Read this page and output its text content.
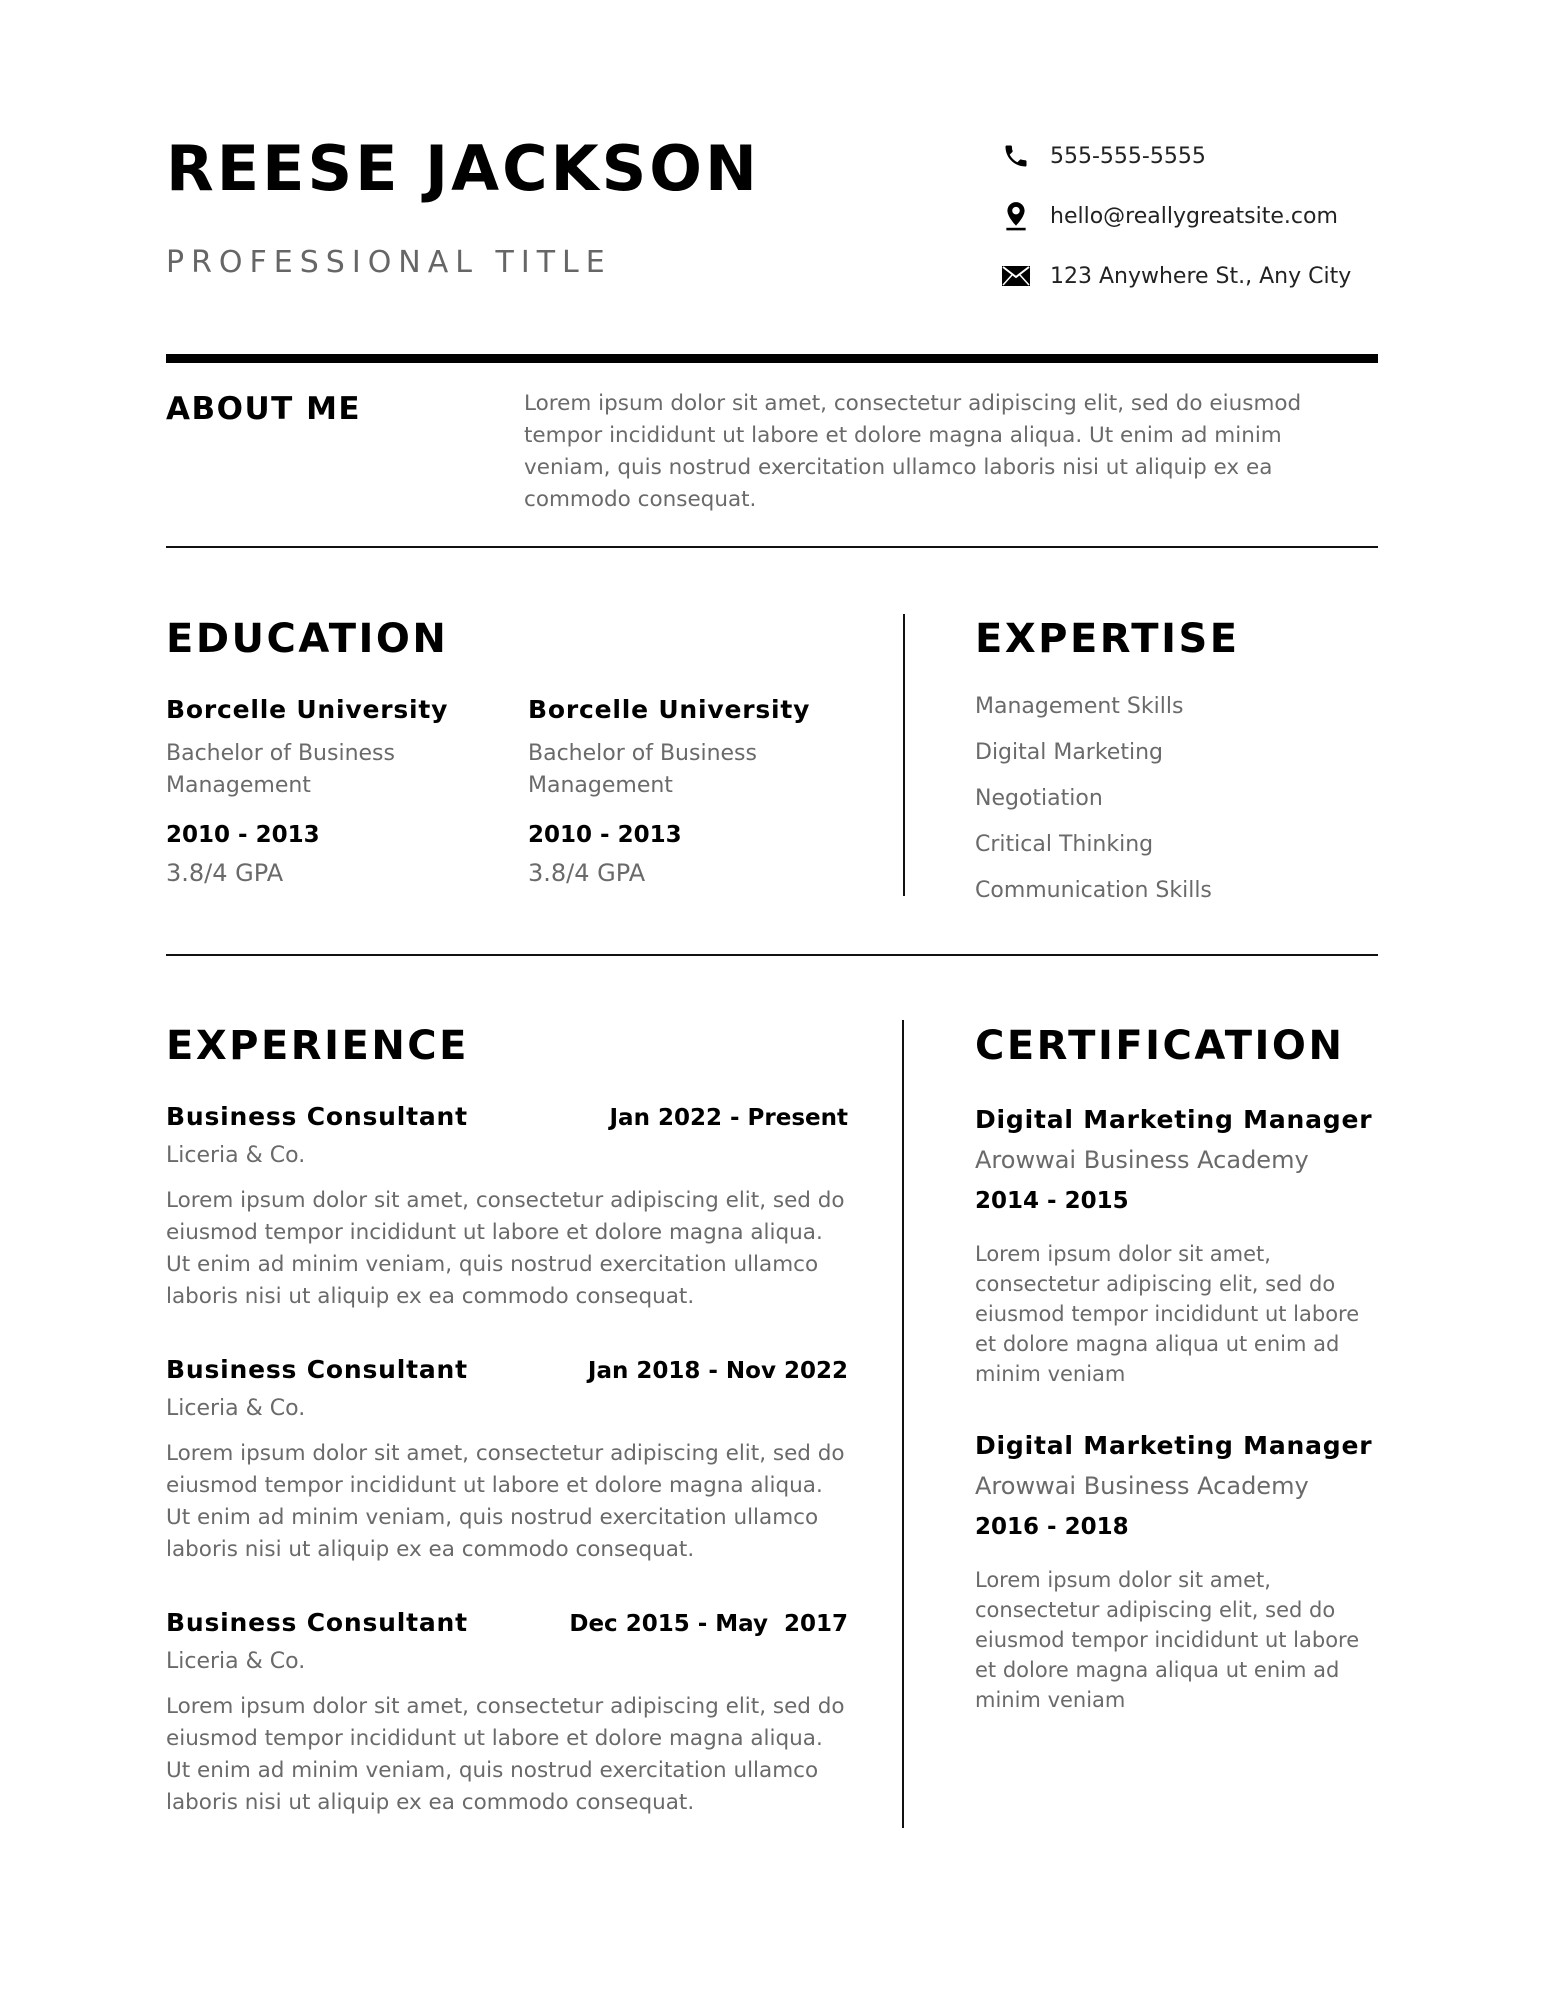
REESE JACKSON
PROFESSIONAL TITLE
555-555-5555
hello@reallygreatsite.com
123 Anywhere St., Any City
ABOUT ME	Lorem ipsum dolor sit amet, consectetur adipiscing elit, sed do eiusmod tempor incididunt ut labore et dolore magna aliqua. Ut enim ad minim veniam, quis nostrud exercitation ullamco laboris nisi ut aliquip ex ea commodo consequat.
EDUCATION
Borcelle University
Bachelor of Business Management
2010 - 2013
3.8/4 GPA
Borcelle University
Bachelor of Business Management
2010 - 2013
3.8/4 GPA
EXPERTISE
Management Skills
Digital Marketing
Negotiation
Critical Thinking
Communication Skills
EXPERIENCE
Business Consultant	Jan 2022 - Present
Liceria & Co.
Lorem ipsum dolor sit amet, consectetur adipiscing elit, sed do eiusmod tempor incididunt ut labore et dolore magna aliqua. Ut enim ad minim veniam, quis nostrud exercitation ullamco laboris nisi ut aliquip ex ea commodo consequat.
Business Consultant	Jan 2018 - Nov 2022
Liceria & Co.
Lorem ipsum dolor sit amet, consectetur adipiscing elit, sed do eiusmod tempor incididunt ut labore et dolore magna aliqua. Ut enim ad minim veniam, quis nostrud exercitation ullamco laboris nisi ut aliquip ex ea commodo consequat.
Business Consultant	Dec 2015 - May  2017
Liceria & Co.
Lorem ipsum dolor sit amet, consectetur adipiscing elit, sed do eiusmod tempor incididunt ut labore et dolore magna aliqua. Ut enim ad minim veniam, quis nostrud exercitation ullamco laboris nisi ut aliquip ex ea commodo consequat.
CERTIFICATION
Digital Marketing Manager
Arowwai Business Academy
2014 - 2015
Lorem ipsum dolor sit amet, consectetur adipiscing elit, sed do eiusmod tempor incididunt ut labore et dolore magna aliqua ut enim ad minim veniam
Digital Marketing Manager
Arowwai Business Academy
2016 - 2018
Lorem ipsum dolor sit amet, consectetur adipiscing elit, sed do eiusmod tempor incididunt ut labore et dolore magna aliqua ut enim ad minim veniam
